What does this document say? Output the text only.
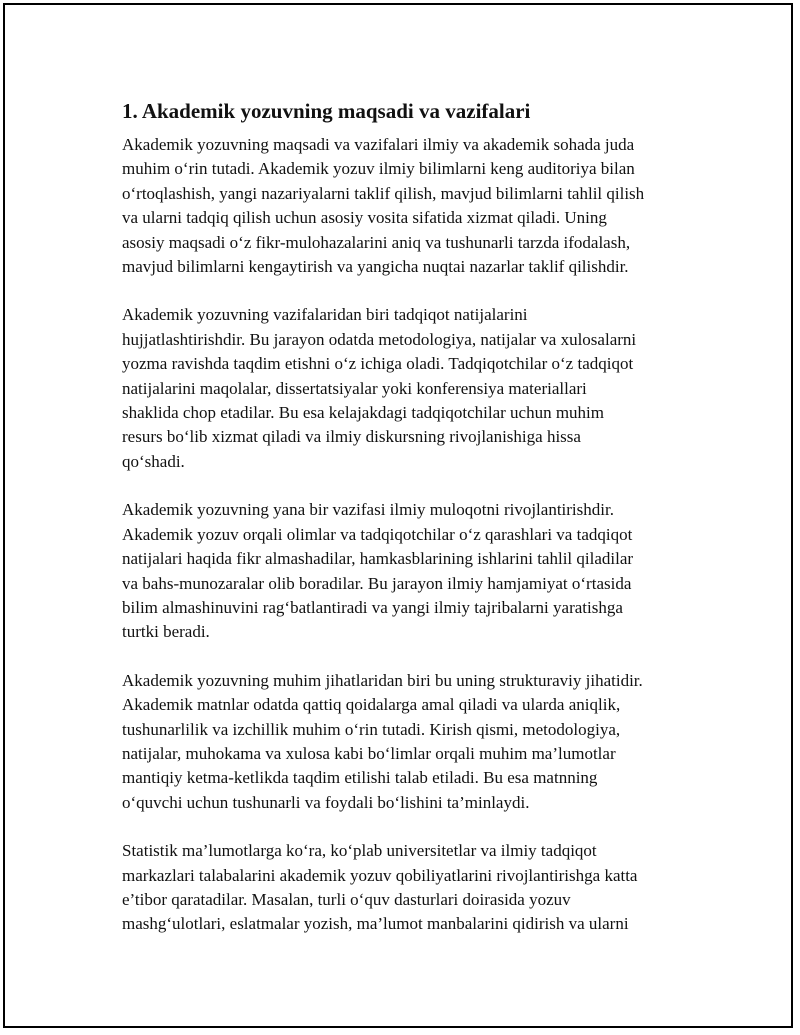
1. Akademik yozuvning maqsadi va vazifalari

Akademik yozuvning maqsadi va vazifalari ilmiy va akademik sohada juda
muhim o‘rin tutadi. Akademik yozuv ilmiy bilimlarni keng auditoriya bilan
o‘rtoqlashish, yangi nazariyalarni taklif qilish, mavjud bilimlarni tahlil qilish
va ularni tadqiq qilish uchun asosiy vosita sifatida xizmat qiladi. Uning
asosiy maqsadi o‘z fikr-mulohazalarini aniq va tushunarli tarzda ifodalash,
mavjud bilimlarni kengaytirish va yangicha nuqtai nazarlar taklif qilishdir.

Akademik yozuvning vazifalaridan biri tadqiqot natijalarini
hujjatlashtirishdir. Bu jarayon odatda metodologiya, natijalar va xulosalarni
yozma ravishda taqdim etishni o‘z ichiga oladi. Tadqiqotchilar o‘z tadqiqot
natijalarini maqolalar, dissertatsiyalar yoki konferensiya materiallari
shaklida chop etadilar. Bu esa kelajakdagi tadqiqotchilar uchun muhim
resurs bo‘lib xizmat qiladi va ilmiy diskursning rivojlanishiga hissa
qo‘shadi.

Akademik yozuvning yana bir vazifasi ilmiy muloqotni rivojlantirishdir.
Akademik yozuv orqali olimlar va tadqiqotchilar o‘z qarashlari va tadqiqot
natijalari haqida fikr almashadilar, hamkasblarining ishlarini tahlil qiladilar
va bahs-munozaralar olib boradilar. Bu jarayon ilmiy hamjamiyat o‘rtasida
bilim almashinuvini rag‘batlantiradi va yangi ilmiy tajribalarni yaratishga
turtki beradi.

Akademik yozuvning muhim jihatlaridan biri bu uning strukturaviy jihatidir.
Akademik matnlar odatda qattiq qoidalarga amal qiladi va ularda aniqlik,
tushunarlilik va izchillik muhim o‘rin tutadi. Kirish qismi, metodologiya,
natijalar, muhokama va xulosa kabi bo‘limlar orqali muhim ma’lumotlar
mantiqiy ketma-ketlikda taqdim etilishi talab etiladi. Bu esa matnning
o‘quvchi uchun tushunarli va foydali bo‘lishini ta’minlaydi.

Statistik ma’lumotlarga ko‘ra, ko‘plab universitetlar va ilmiy tadqiqot
markazlari talabalarini akademik yozuv qobiliyatlarini rivojlantirishga katta
e’tibor qaratadilar. Masalan, turli o‘quv dasturlari doirasida yozuv
mashg‘ulotlari, eslatmalar yozish, ma’lumot manbalarini qidirish va ularni
